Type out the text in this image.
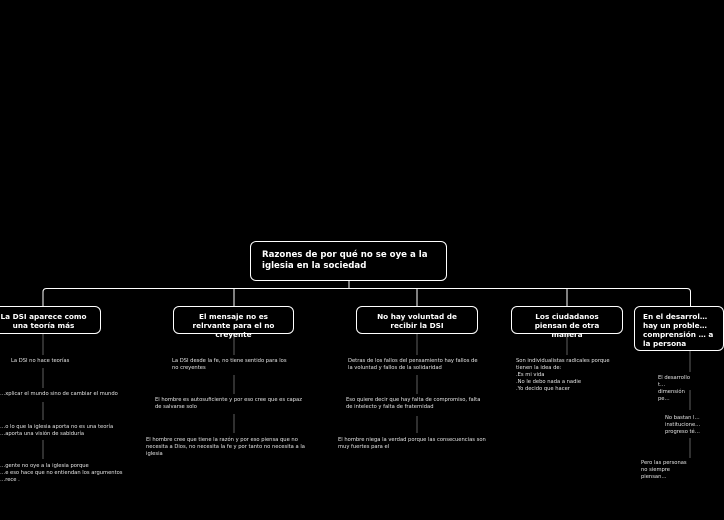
Razones de por qué no se oye a la iglesia en la sociedad
La DSI aparece como una teoría más
El mensaje no es relrvante para el no creyente
No hay voluntad de recibir la DSI
Los ciudadanos piensan de otra manera
En el desarrol… hay un proble… comprensión … a la persona
La DSI no hace teorías
…xplicar el mundo sino de cambiar el mundo
…o lo que la iglesia aporta no es una teoría
…aporta una visión de sabiduría
…gente no oye a la iglesia porque
…e eso hace que no entiendan los argumentos
…rece .
La DSI desde la fe, no tiene sentido para los
no creyentes
El hombre es autosuficiente y por eso cree que es capaz
de salvarse solo
El hombre cree que tiene la razón y por eso piensa que no
necesita a Dios, no necesita la fe y por tanto no necesita a la
iglesia
Detras de los fallos del pensamiento hay fallos de
la voluntad y fallos de la solidaridad
Eso quiere decir que hay falta de compromiso, falta
de intelecto y falta de fraternidad
El hombre niega la verdad porque las consecuencias son
muy fuertes para el
Son individualistas radicales porque
tienen la idea de:
.Es mi vida
.No le debo nada a nadie
.Yo decido que hacer
El desarrollo t…
dimensión pe…
No bastan l…
institucione…
progreso té…
Pero las personas
no siempre piensan…
